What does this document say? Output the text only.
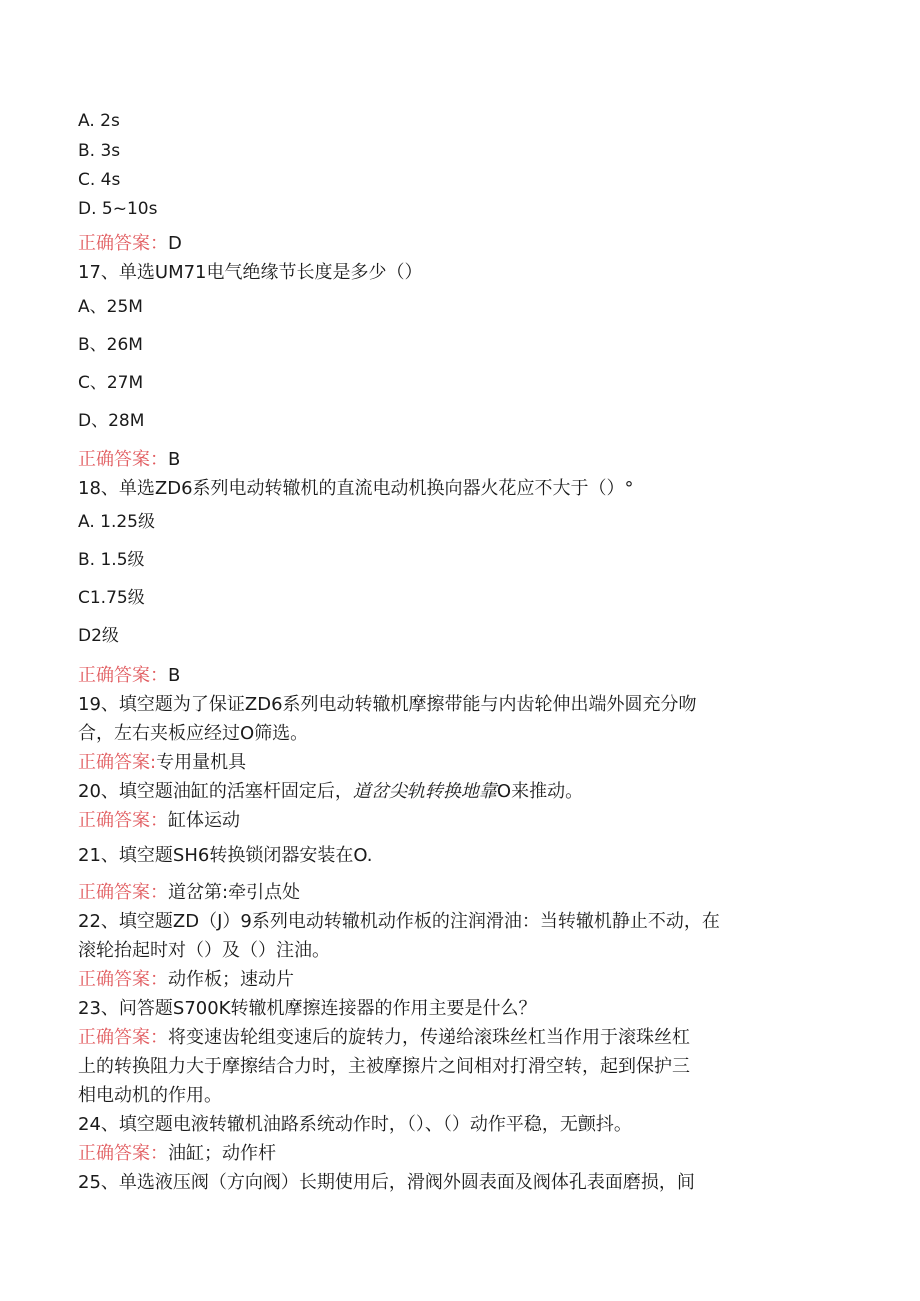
A. 2s
B. 3s
C. 4s
D. 5~10s
正确答案：D
17、单选UM71电气绝缘节长度是多少（）
A、25M
B、26M
C、27M
D、28M
正确答案：B
18、单选ZD6系列电动转辙机的直流电动机换向器火花应不大于（）°
A. 1.25级
B. 1.5级
C1.75级
D2级
正确答案：B
19、填空题为了保证ZD6系列电动转辙机摩擦带能与内齿轮伸出端外圆充分吻
合，左右夹板应经过O筛选。
正确答案:专用量机具
20、填空题油缸的活塞杆固定后，道岔尖轨转换地靠O来推动。
正确答案：缸体运动
21、填空题SH6转换锁闭器安装在O.
正确答案：道岔第:牵引点处
22、填空题ZD（J）9系列电动转辙机动作板的注润滑油：当转辙机静止不动，在
滚轮抬起时对（）及（）注油。
正确答案：动作板；速动片
23、问答题S700K转辙机摩擦连接器的作用主要是什么？
正确答案：将变速齿轮组变速后的旋转力，传递给滚珠丝杠当作用于滚珠丝杠
上的转换阻力大于摩擦结合力时，主被摩擦片之间相对打滑空转，起到保护三
相电动机的作用。
24、填空题电液转辙机油路系统动作时，（）、（）动作平稳，无颤抖。
正确答案：油缸；动作杆
25、单选液压阀（方向阀）长期使用后，滑阀外圆表面及阀体孔表面磨损，间
